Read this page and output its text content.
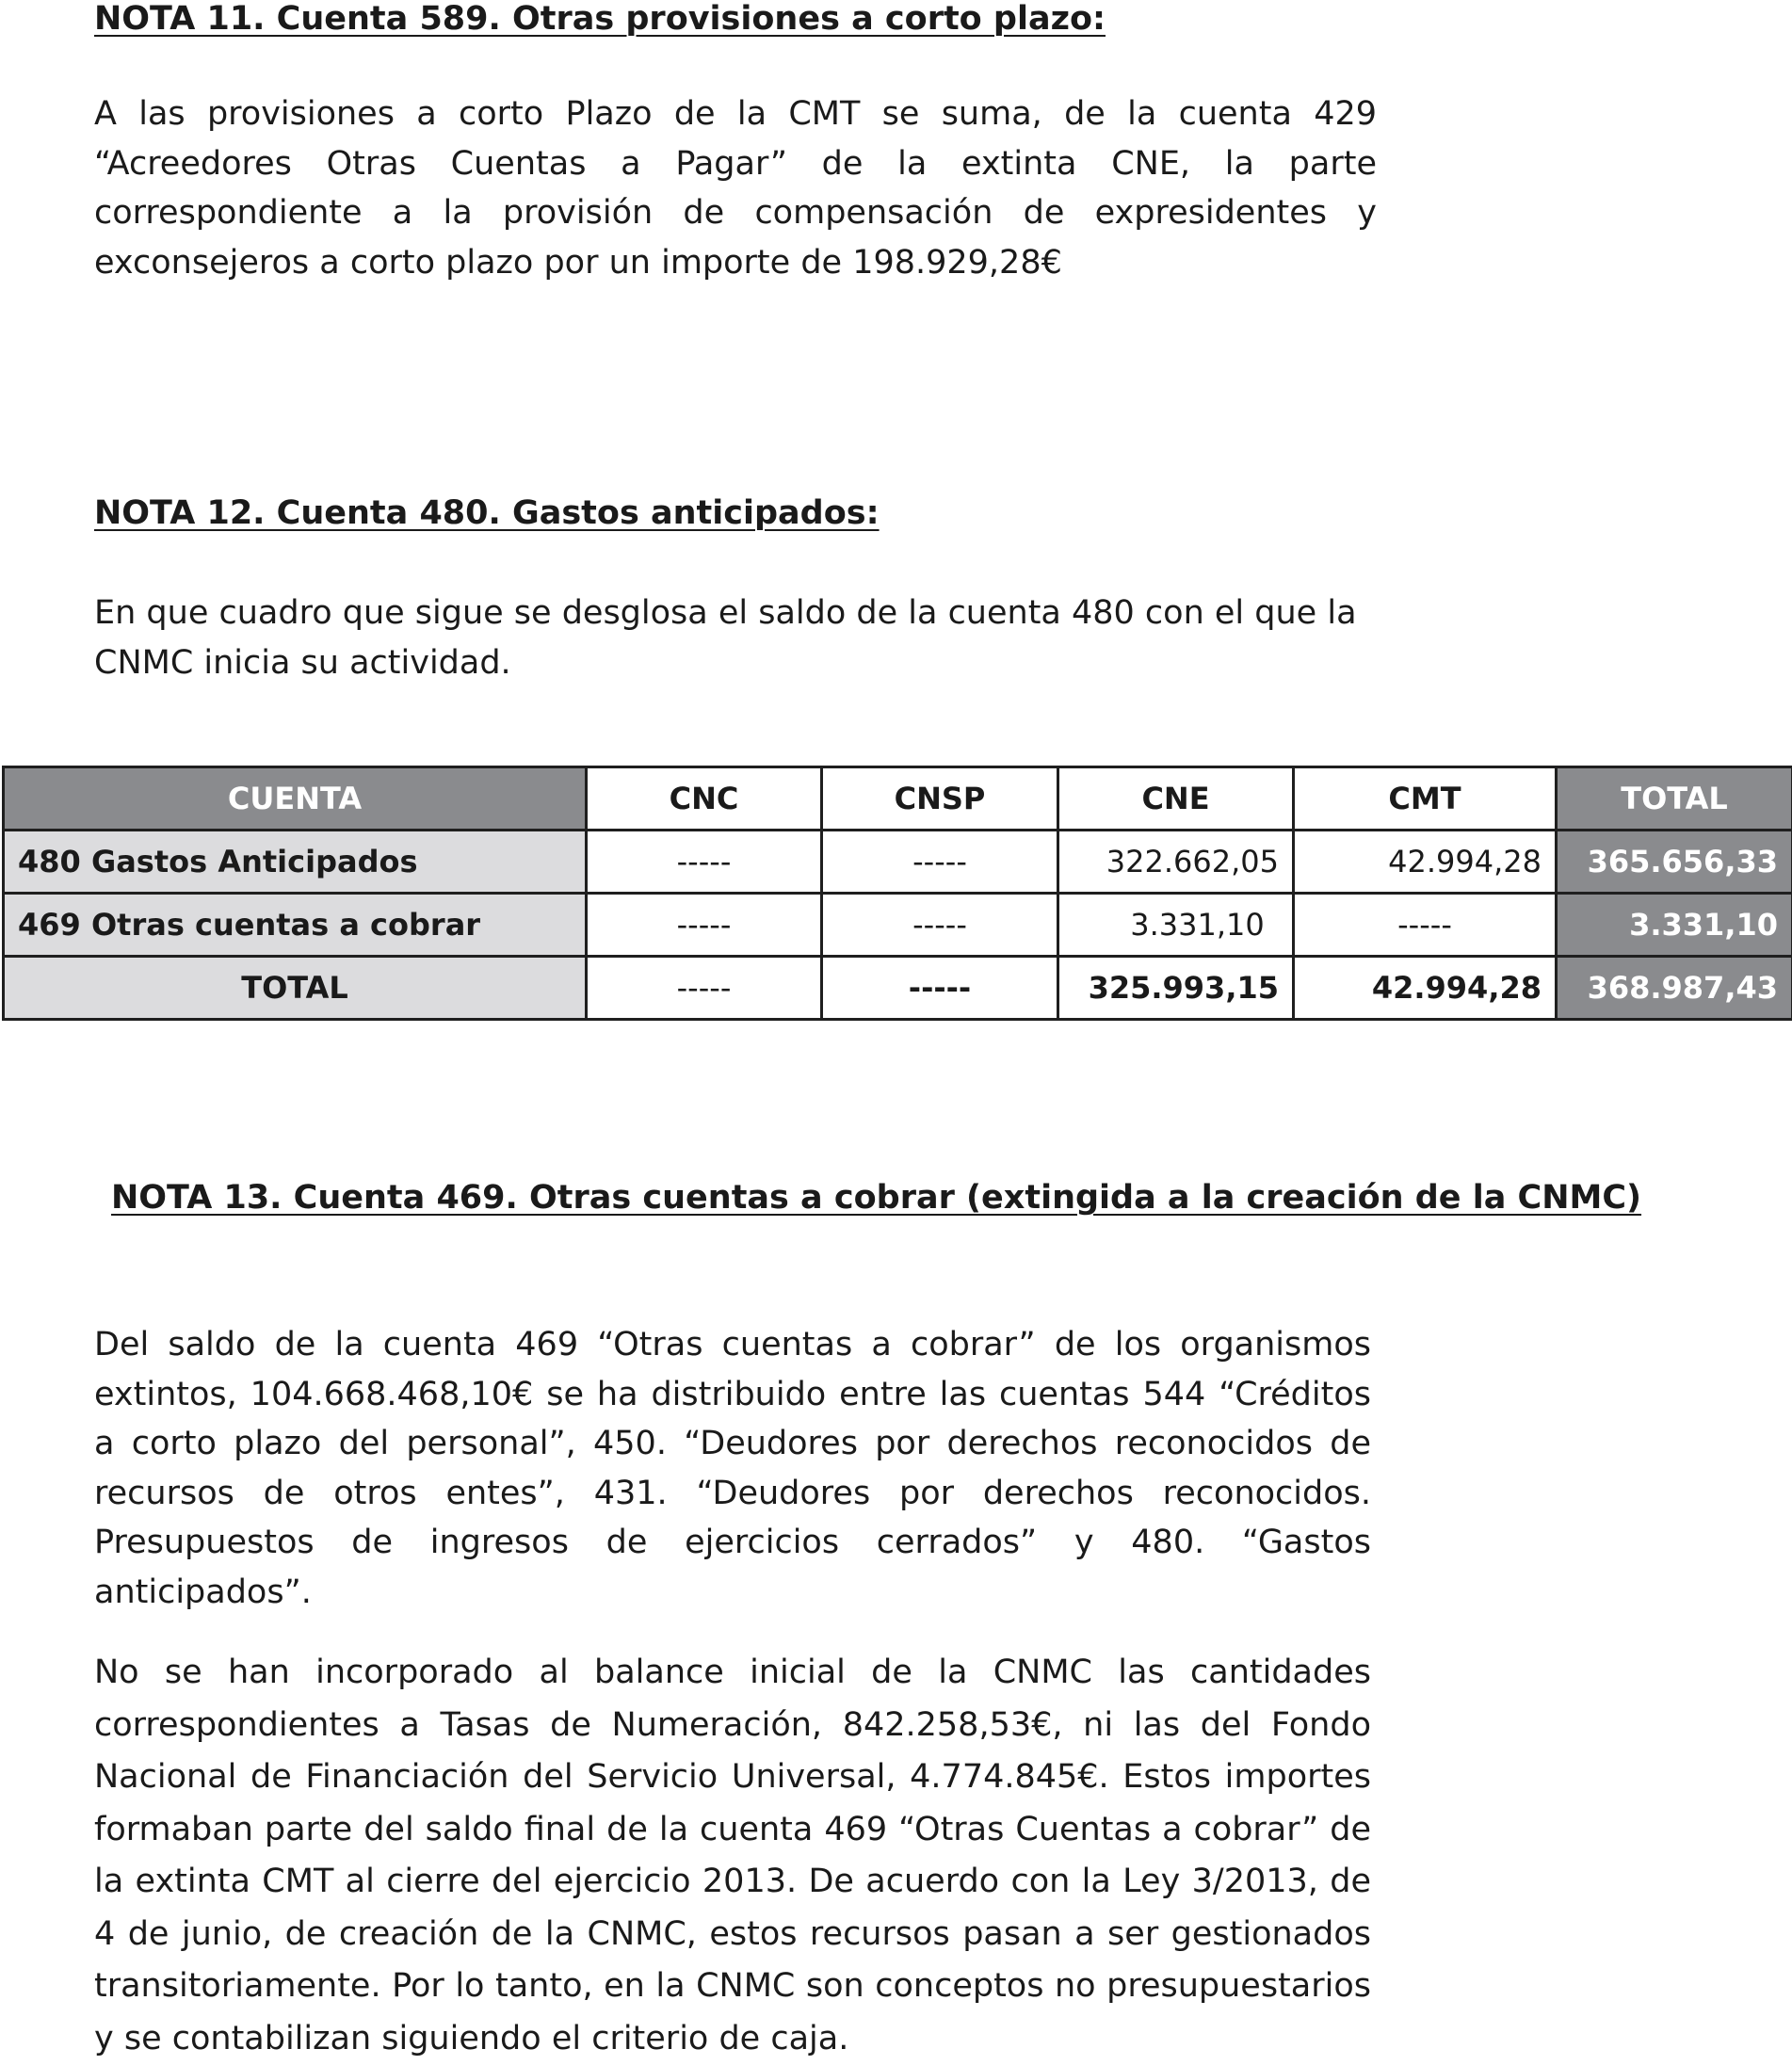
NOTA 11. Cuenta 589. Otras provisiones a corto plazo:

A las provisiones a corto Plazo de la CMT se suma, de la cuenta 429 “Acreedores Otras Cuentas a Pagar” de la extinta CNE, la parte correspondiente a la provisión de compensación de expresidentes y exconsejeros a corto plazo por un importe de 198.929,28€

NOTA 12. Cuenta 480. Gastos anticipados:

En que cuadro que sigue se desglosa el saldo de la cuenta 480 con el que la CNMC inicia su actividad.

CUENTA	CNC	CNSP	CNE	CMT	TOTAL
480 Gastos Anticipados	-----	-----	322.662,05	42.994,28	365.656,33
469 Otras cuentas a cobrar	-----	-----	3.331,10	-----	3.331,10
TOTAL	-----	-----	325.993,15	42.994,28	368.987,43
NOTA 13. Cuenta 469. Otras cuentas a cobrar (extingida a la creación de la CNMC)

Del saldo de la cuenta 469 “Otras cuentas a cobrar” de los organismos extintos, 104.668.468,10€ se ha distribuido entre las cuentas 544 “Créditos a corto plazo del personal”, 450. “Deudores por derechos reconocidos de recursos de otros entes”, 431. “Deudores por derechos reconocidos. Presupuestos de ingresos de ejercicios cerrados” y 480. “Gastos anticipados”.

No se han incorporado al balance inicial de la CNMC las cantidades correspondientes a Tasas de Numeración, 842.258,53€, ni las del Fondo Nacional de Financiación del Servicio Universal, 4.774.845€. Estos importes formaban parte del saldo final de la cuenta 469 “Otras Cuentas a cobrar” de la extinta CMT al cierre del ejercicio 2013. De acuerdo con la Ley 3/2013, de 4 de junio, de creación de la CNMC, estos recursos pasan a ser gestionados transitoriamente. Por lo tanto, en la CNMC son conceptos no presupuestarios y se contabilizan siguiendo el criterio de caja.
